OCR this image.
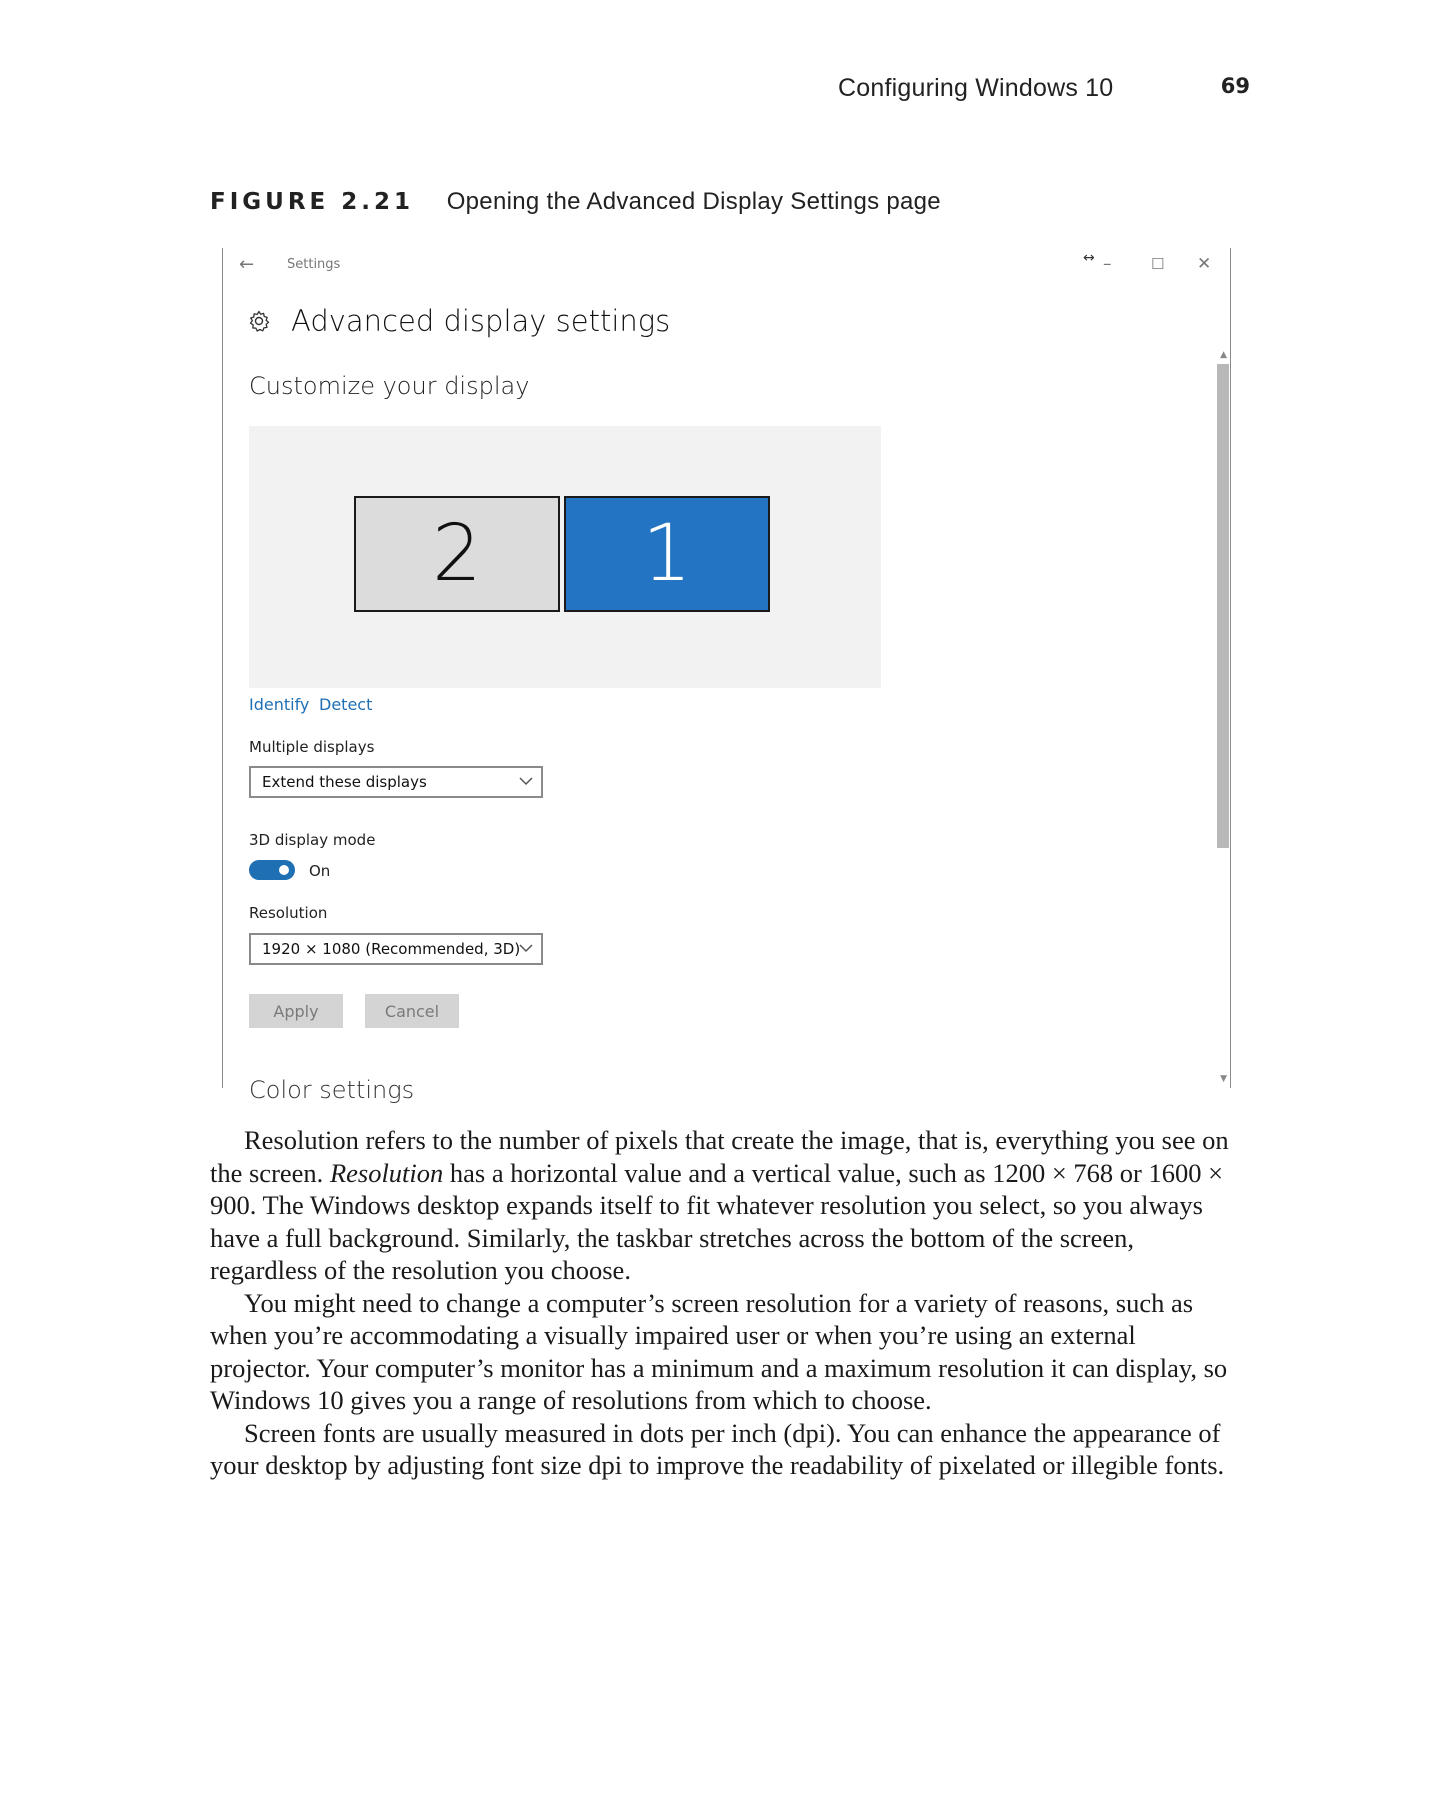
Configuring Windows 10	69
FIGURE 2.21 Opening the Advanced Display Settings page
←	Settings	↔ –	☐ ✕
Advanced display settings
Customize your display
2	1
Identify Detect
Multiple displays
Extend these displays
3D display mode
On
Resolution
1920 × 1080 (Recommended, 3D)
Apply	Cancel
Color settings
▲
▼

Resolution refers to the number of pixels that create the image, that is, everything you see on the screen. Resolution has a horizontal value and a vertical value, such as 1200 × 768 or 1600 × 900. The Windows desktop expands itself to fit whatever resolution you select, so you always have a full background. Similarly, the taskbar stretches across the bottom of the screen, regardless of the resolution you choose.

You might need to change a computer’s screen resolution for a variety of reasons, such as when you’re accommodating a visually impaired user or when you’re using an external projector. Your computer’s monitor has a minimum and a maximum resolution it can display, so Windows 10 gives you a range of resolutions from which to choose.

Screen fonts are usually measured in dots per inch (dpi). You can enhance the appearance of your desktop by adjusting font size dpi to improve the readability of pixelated or illegible fonts.
